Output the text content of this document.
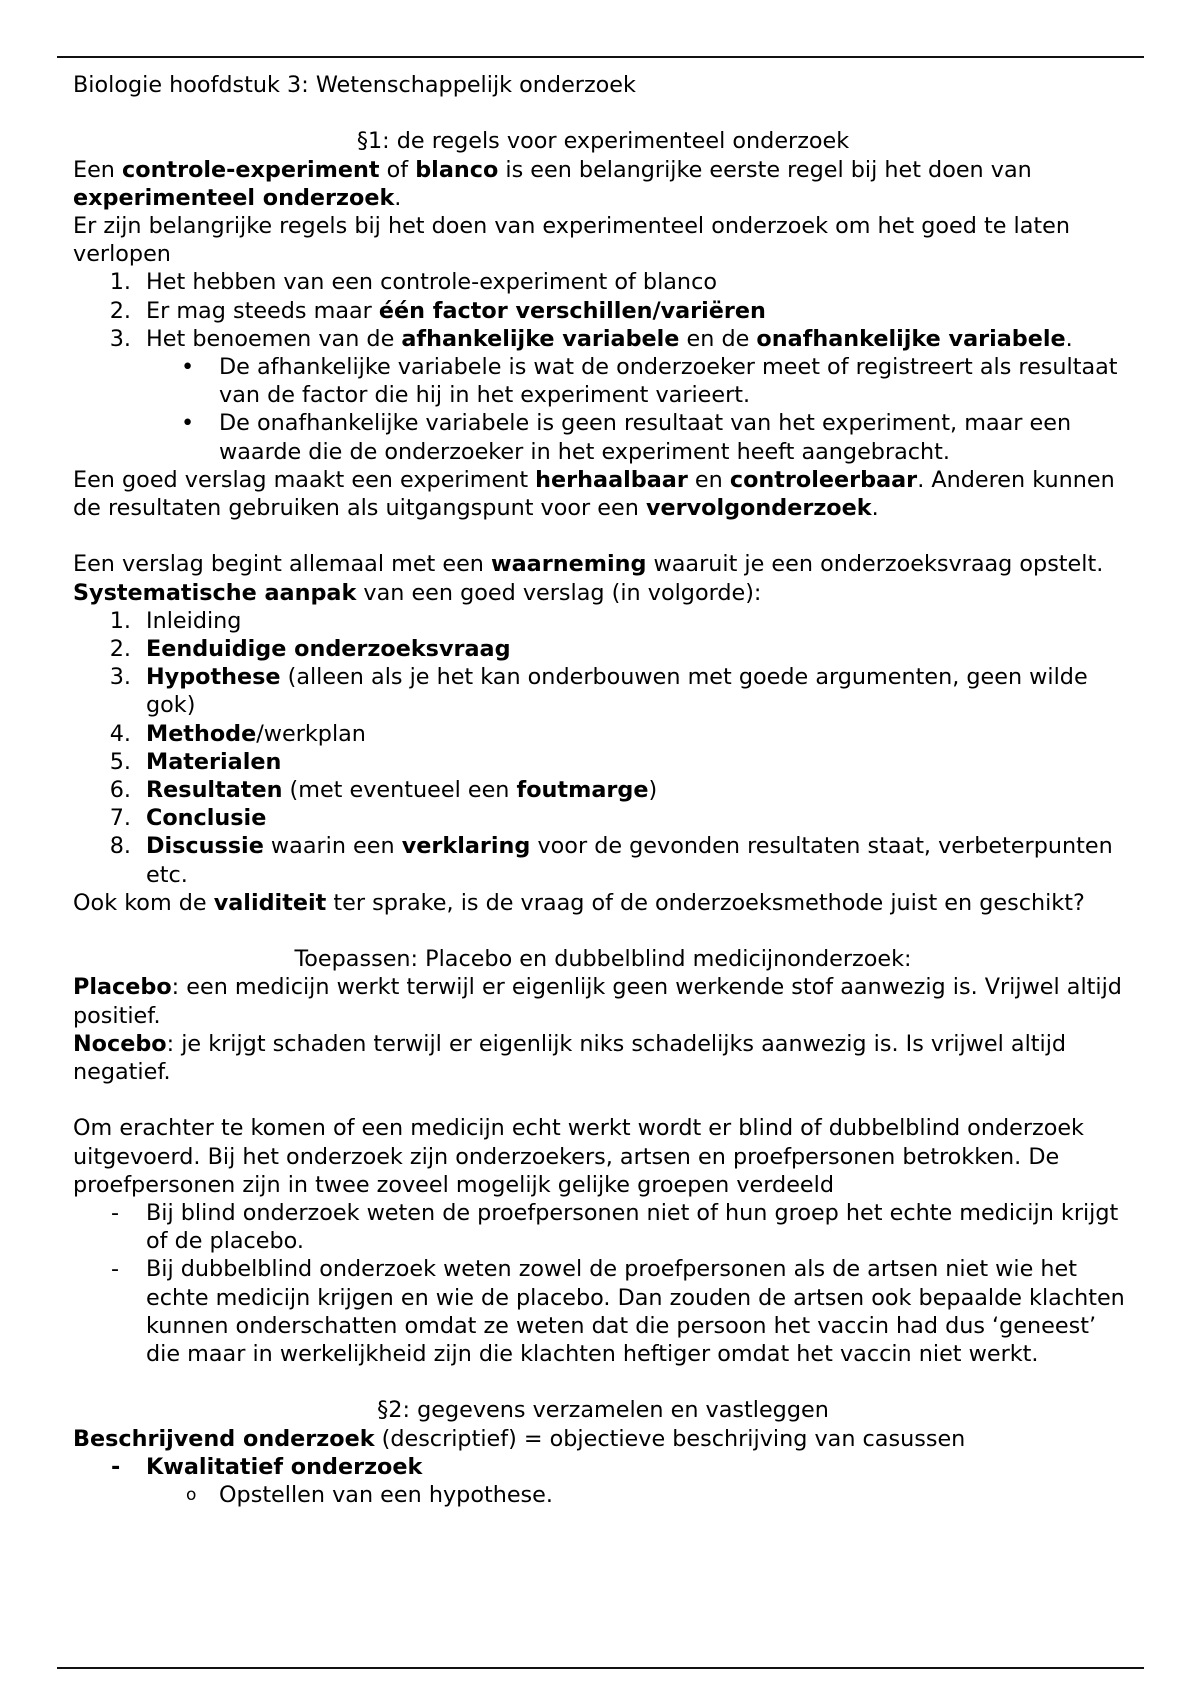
Biologie hoofdstuk 3: Wetenschappelijk onderzoek

§1: de regels voor experimenteel onderzoek

Een controle-experiment of blanco is een belangrijke eerste regel bij het doen van experimenteel onderzoek.

Er zijn belangrijke regels bij het doen van experimenteel onderzoek om het goed te laten verlopen

1. Het hebben van een controle-experiment of blanco
2. Er mag steeds maar één factor verschillen/variëren
3. Het benoemen van de afhankelijke variabele en de onafhankelijke variabele.
• De afhankelijke variabele is wat de onderzoeker meet of registreert als resultaat van de factor die hij in het experiment varieert.
• De onafhankelijke variabele is geen resultaat van het experiment, maar een waarde die de onderzoeker in het experiment heeft aangebracht.

Een goed verslag maakt een experiment herhaalbaar en controleerbaar. Anderen kunnen de resultaten gebruiken als uitgangspunt voor een vervolgonderzoek.

Een verslag begint allemaal met een waarneming waaruit je een onderzoeksvraag opstelt. Systematische aanpak van een goed verslag (in volgorde):

1. Inleiding
2. Eenduidige onderzoeksvraag
3. Hypothese (alleen als je het kan onderbouwen met goede argumenten, geen wilde gok)
4. Methode/werkplan
5. Materialen
6. Resultaten (met eventueel een foutmarge)
7. Conclusie
8. Discussie waarin een verklaring voor de gevonden resultaten staat, verbeterpunten etc.

Ook kom de validiteit ter sprake, is de vraag of de onderzoeksmethode juist en geschikt?

Toepassen: Placebo en dubbelblind medicijnonderzoek:

Placebo: een medicijn werkt terwijl er eigenlijk geen werkende stof aanwezig is. Vrijwel altijd positief.

Nocebo: je krijgt schaden terwijl er eigenlijk niks schadelijks aanwezig is. Is vrijwel altijd negatief.

Om erachter te komen of een medicijn echt werkt wordt er blind of dubbelblind onderzoek uitgevoerd. Bij het onderzoek zijn onderzoekers, artsen en proefpersonen betrokken. De proefpersonen zijn in twee zoveel mogelijk gelijke groepen verdeeld

-	Bij blind onderzoek weten de proefpersonen niet of hun groep het echte medicijn krijgt of de placebo.
-	Bij dubbelblind onderzoek weten zowel de proefpersonen als de artsen niet wie het echte medicijn krijgen en wie de placebo. Dan zouden de artsen ook bepaalde klachten kunnen onderschatten omdat ze weten dat die persoon het vaccin had dus ‘geneest’ die maar in werkelijkheid zijn die klachten heftiger omdat het vaccin niet werkt.

§2: gegevens verzamelen en vastleggen

Beschrijvend onderzoek (descriptief) = objectieve beschrijving van casussen

-	Kwalitatief onderzoek
o Opstellen van een hypothese.
